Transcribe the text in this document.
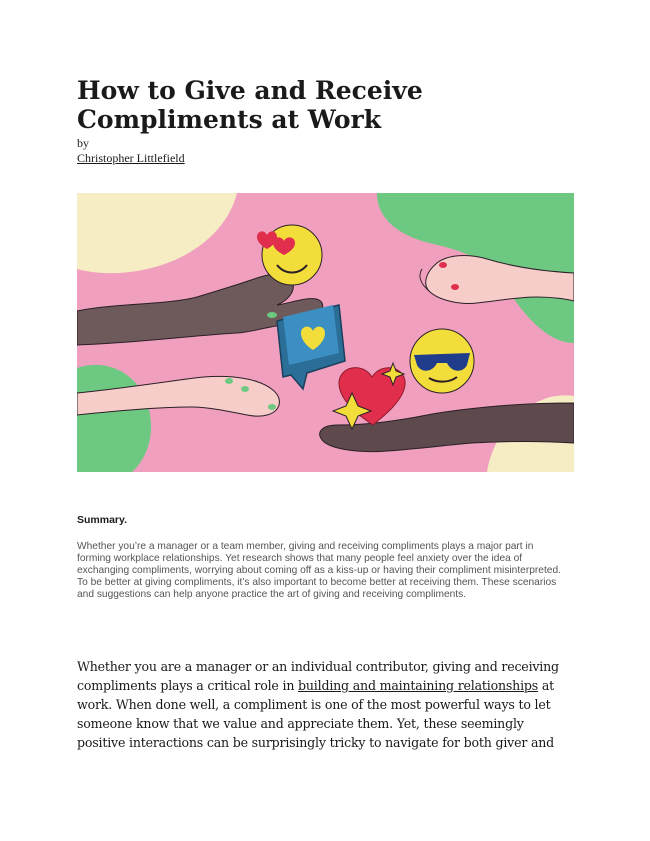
How to Give and Receive Compliments at Work
by
Christopher Littlefield
Summary.

Whether you’re a manager or a team member, giving and receiving compliments plays a major part in forming workplace relationships. Yet research shows that many people feel anxiety over the idea of exchanging compliments, worrying about coming off as a kiss-up or having their compliment misinterpreted. To be better at giving compliments, it’s also important to become better at receiving them. These scenarios and suggestions can help anyone practice the art of giving and receiving compliments.

Whether you are a manager or an individual contributor, giving and receiving compliments plays a critical role in building and maintaining relationships at work. When done well, a compliment is one of the most powerful ways to let someone know that we value and appreciate them. Yet, these seemingly positive interactions can be surprisingly tricky to navigate for both giver and
